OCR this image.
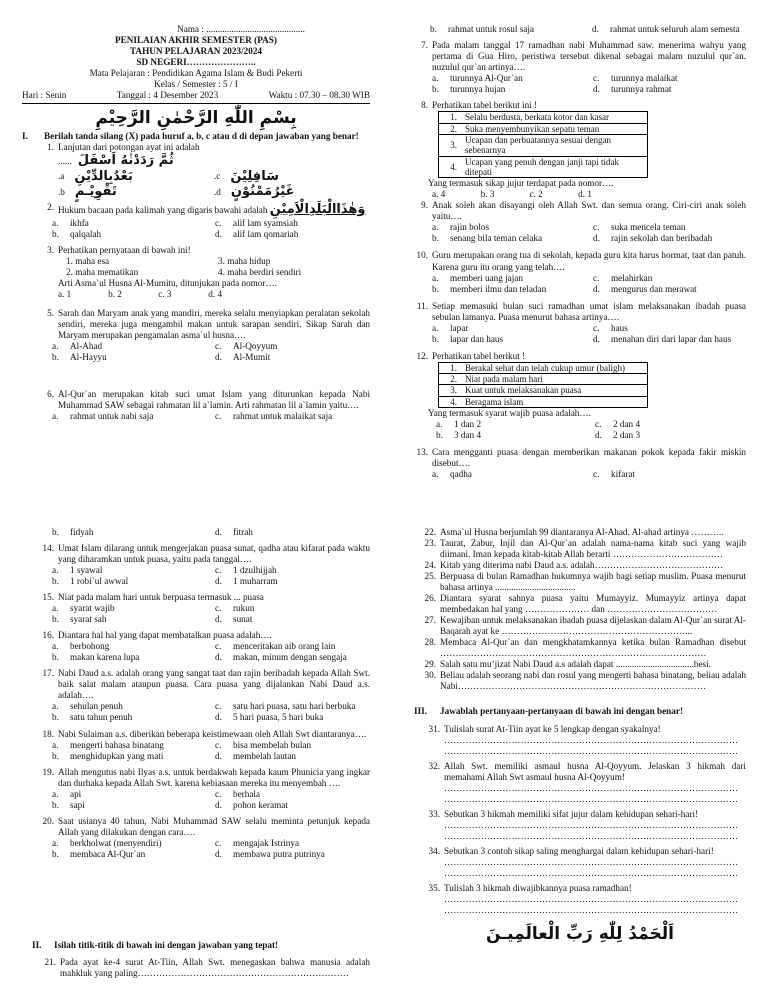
Nama : ...........................................

PENILAIAN AKHIR SEMESTER (PAS)

TAHUN PELAJARAN 2023/2024

SD NEGERI…………………..

Mata Pelajaran : Pendidikan Agama Islam & Budi Pekerti

Kelas / Semester : 5 / I

Hari : Senin	Tanggal : 4 Desember 2023	Waktu : 07.30 – 08.30 WIB

بِسْمِ اللّٰهِ الرَّحْمٰنِ الرَّحِيْمِ

I.	Berilah tanda silang (X) pada huruf a, b, c atau d di depan jawaban yang benar!
1. Lanjutan dari potongan ayat ini adalah
...... ثُمَّ رَدَدْنٰهُ اَسْفَلَ
.a بَعْدُبِالدِّيْنِ	.c سَافِلِيْنَ
.b تَقْوِيْـمٍ	.d غَيْرُمَمْنُوْنٍ
2. Hukum bacaan pada kalimah yang digaris bawahi adalah وَهٰذَاالْبَلَدِالْاَمِيْنِ
a.	ikhfa	c.	alif lam syamsiah
b.	qalqalah	d.	alif lam qomariah
3. Perhatikan pernyataan di bawah ini!
1. maha esa	3. maha hidup
2. maha mematikan	4. maha berdiri sendiri

Arti Asma`ul Husna Al-Mumitu, ditunjukan pada nomor….

a. 1	b. 2	c. 3	d. 4
5. Sarah dan Maryam anak yang mandiri, mereka selalu menyiapkan peralatan sekolah sendiri, mereka juga mengambil makan untuk sarapan sendiri. Sikap Sarah dan Maryam merupakan pengamalan asma`ul husna….
a.	Al-Ahad	c.	Al-Qoyyum
b.	Al-Hayyu	d.	Al-Mumit
6. Al-Qur`an merupakan kitab suci umat Islam yang diturunkan kepada Nabi Muhammad SAW sebagai rahmatan lil a`lamin. Arti rahmatan lil a`lamin yaitu….
a.	rahmat untuk nabi saja	c.	rahmat untuk malaikat saja
b.	rahmat untuk rosul saja	d.	rahmat untuk seluruh alam semesta
7. Pada malam tanggal 17 ramadhan nabi Muhammad saw. menerima wahyu yang pertama di Gua Hiro, peristiwa tersebut dikenal sebagai malam nuzulul qur`an. nuzulul qur`an artinya….
a.	turunnya Al-Qur`an	c.	turunnya malaikat
b.	turunnya hujan	d.	turunnya rahmat
8. Perhatikan tabel berikut ini !
1.	Selalu berdusta, berkata kotor dan kasar
2.	Suka menyembunyikan sepatu teman
3.	Ucapan dan perbuatannya sesuai dengan sebenarnya
4.	Ucapan yang penuh dengan janji tapi tidak ditepati

Yang termasuk sikap jujur terdapat pada nomor….

a. 4	b. 3	c. 2	d. 1
9. Anak soleh akan disayangi oleh Allah Swt. dan semua orang. Ciri-ciri anak soleh yaitu….
a.	rajin bolos	c.	suka mencela teman
b.	senang bila teman celaka	d.	rajin sekolah dan beribadah
10. Guru merupakan orang tua di sekolah, kepada guru kita harus hormat, taat dan patuh. Karena guru itu orang yang telah….
a.	memberi uang jajan	c.	melahirkan
b.	memberi ilmu dan teladan	d.	mengurus dan merawat
11. Setiap memasuki bulan suci ramadhan umat islam melaksanakan ibadah puasa sebulan lamanya. Puasa menurut bahasa artinya….
a.	lapar	c.	haus
b.	lapar dan haus	d.	menahan diri dari lapar dan haus
12. Perhatikan tabel berikut !
1.	Berakal sehat dan telah cukup umur (baligh)
2.	Niat pada malam hari
3.	Kuat untuk melaksanakan puasa
4.	Beragama islam

Yang termasuk syarat wajib puasa adalah….

a.	1 dan 2	c.	2 dan 4
b.	3 dan 4	d.	2 dan 3
13. Cara mengganti puasa dengan memberikan makanan pokok kepada fakir miskin disebut….
a.	qadha	c.	kifarat
b.	fidyah	d.	fitrah
14. Umat Islam dilarang untuk mengerjakan puasa sunat, qadha atau kifarat pada waktu yang diharamkan untuk puasa, yaitu pada tanggal….
a.	1 syawal	c.	1 dzulhijjah
b.	1 robi`ul awwal	d.	1 muharram
15. Niat pada malam hari untuk berpuasa termasuk ... puasa
a.	syarat wajib	c.	rukun
b.	syarat sah	d.	sunat
16. Diantara hal hal yang dapat membatalkan puasa adalah….
a.	berbohong	c.	menceritakan aib orang lain
b.	makan karena lupa	d.	makan, minum dengan sengaja
17. Nabi Daud a.s. adalah orang yang sangat taat dan rajin beribadah kepada Allah Swt. baik salat malam ataupun puasa. Cara puasa yang dijalankan Nabi Daud a.s. adalah….
a.	sehulan penuh	c.	satu hari puasa, satu hari berbuka
b.	satu tahun penuh	d.	5 hari puasa, 5 hari buka
18. Nabi Sulaiman a.s. diberikan beberapa keistimewaan oleh Allah Swt diantaranya….
a.	mengerti bahasa binatang	c.	bisa membelah bulan
b.	menghidupkan yang mati	d.	membelah lautan
19. Allah mengutus nabi Ilyas a.s. untuk berdakwah kepada kaum Phunicia yang ingkar dan durhaka kepada Allah Swt. karena kebiasaan mereka itu menyembah ….
a.	api	c.	berhala
b.	sapi	d.	pohon keramat
20. Saat usianya 40 tahun, Nabi Muhammad SAW selalu meminta petunjuk kepada Allah yang dilakukan dengan cara….
a.	berkholwat (menyendiri)	c.	mengajak Istrinya
b.	membaca Al-Qur`an	d.	membawa putra putrinya
II.	Isilah titik-titik di bawah ini dengan jawaban yang tepat!
21. Pada ayat ke-4 surat At-Tiin, Allah Swt. menegaskan bahwa manusia adalah mahkluk yang paling……………………………………………………………
22. Asma`ul Husna berjumlah 99 diantaranya Al-Ahad. Al-ahad artinya ………..
23. Taurat, Zabur, Injil dan Al-Qur`an adalah nama-nama kitab suci yang wajib diimani. Iman kepada kitab-kitab Allah berarti ………………………………
24. Kitab yang diterima nabi Daud a.s. adalah……………………………………
25. Berpuasa di bulan Ramadhan hukumnya wajib bagi setiap muslim. Puasa menurut bahasa artinya ...................................
26. Diantara syarat sahnya puasa yaitu Mumayyiz. Mumayyiz artinya dapat membedakan hal yang ………………… dan ………………………………
27. Kewajiban untuk melaksanakan ibadah puasa dijelaskan dalam Al-Qur`an surat Al-Baqarah ayat ke ……………………………………………………...
28. Membaca Al-Qur`an dan mengkhatamkannya ketika bulan Ramadhan disebut ……………………………………………………………………………
29. Salah satu mu’jizat Nabi Daud a.s adalah dapat ..................................besi.
30. Beliau adalah seorang nabi dan rosul yang mengerti bahasa binatang, beliau adalah Nabi………………………………………………………………………
III.	Jawablah pertanyaan-pertanyaan di bawah ini dengan benar!
31. Tulislah surat At-Tiin ayat ke 5 lengkap dengan syakalnya!

……………………………………………………………………………………

……………………………………………………………………………………

32. Allah Swt. memiliki asmaul husna Al-Qoyyum. Jelaskan 3 hikmah dari memahami Allah Swt asmaul husna Al-Qoyyum!

……………………………………………………………………………………

……………………………………………………………………………………

33. Sebutkan 3 hikmah memiliki sifat jujur dalam kehidupan sehari-hari!

……………………………………………………………………………………

……………………………………………………………………………………

34. Sebutkan 3 contoh sikap saling menghargai dalam kehidupan sehari-hari!

……………………………………………………………………………………

……………………………………………………………………………………

35. Tulislah 3 hikmah diwajibkannya puasa ramadhan!

……………………………………………………………………………………

……………………………………………………………………………………

اَلْحَمْدُ لِلّٰهِ رَبِّ الْعالَمِيـنَ
